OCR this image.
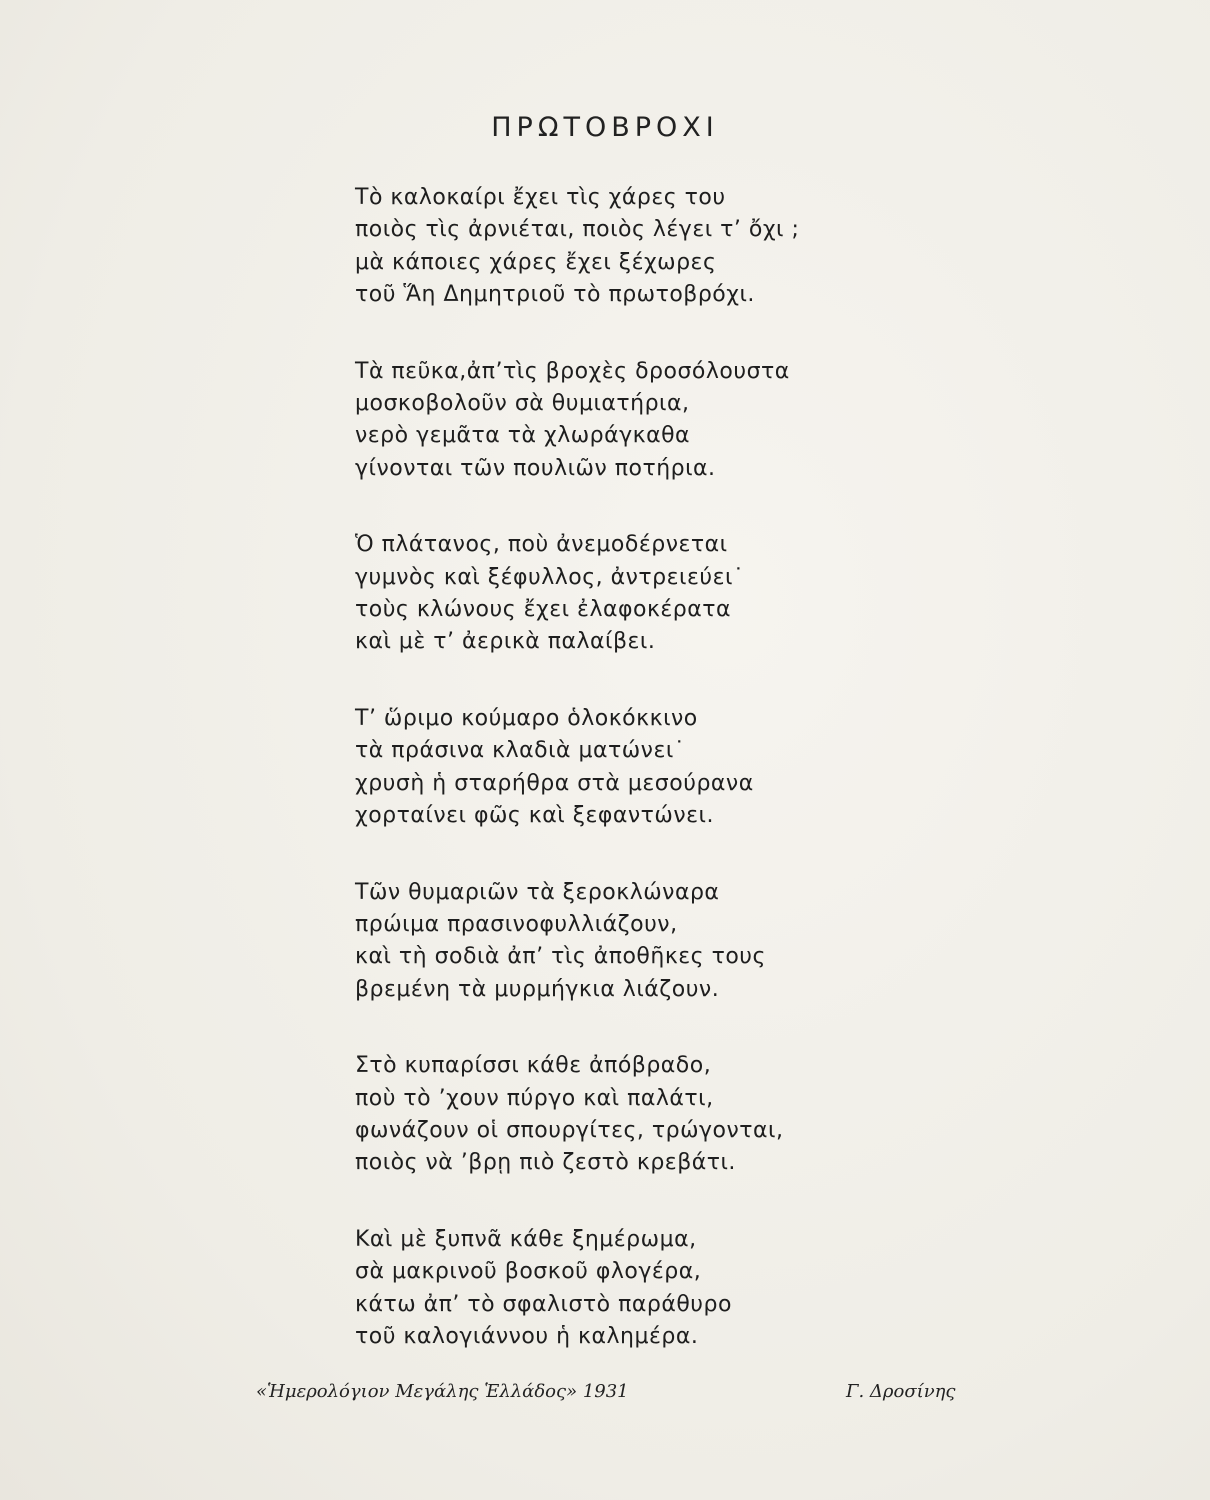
ΠΡΩΤΟΒΡΟΧΙ
Τὸ καλοκαίρι ἔχει τὶς χάρες του
ποιὸς τὶς ἀρνιέται, ποιὸς λέγει τ’ ὄχι ;
μὰ κάποιες χάρες ἔχει ξέχωρες
τοῦ Ἅη Δημητριοῦ τὸ πρωτοβρόχι.
Τὰ πεῦκα,ἀπ’τὶς βροχὲς δροσόλουστα
μοσκοβολοῦν σὰ θυμιατήρια,
νερὸ γεμᾶτα τὰ χλωράγκαθα
γίνονται τῶν πουλιῶν ποτήρια.
Ὁ πλάτανος, ποὺ ἀνεμοδέρνεται
γυμνὸς καὶ ξέφυλλος, ἀντρειεύει˙
τοὺς κλώνους ἔχει ἐλαφοκέρατα
καὶ μὲ τ’ ἀερικὰ παλαίβει.
Τ’ ὥριμο κούμαρο ὁλοκόκκινο
τὰ πράσινα κλαδιὰ ματώνει˙
χρυσὴ ἡ σταρήθρα στὰ μεσούρανα
χορταίνει φῶς καὶ ξεφαντώνει.
Τῶν θυμαριῶν τὰ ξεροκλώναρα
πρώιμα πρασινοφυλλιάζουν,
καὶ τὴ σοδιὰ ἀπ’ τὶς ἀποθῆκες τους
βρεμένη τὰ μυρμήγκια λιάζουν.
Στὸ κυπαρίσσι κάθε ἀπόβραδο,
ποὺ τὸ ’χουν πύργο καὶ παλάτι,
φωνάζουν οἱ σπουργίτες, τρώγονται,
ποιὸς νὰ ’βρῃ πιὸ ζεστὸ κρεβάτι.
Καὶ μὲ ξυπνᾶ κάθε ξημέρωμα,
σὰ μακρινοῦ βοσκοῦ φλογέρα,
κάτω ἀπ’ τὸ σφαλιστὸ παράθυρο
τοῦ καλογιάννου ἡ καλημέρα.
«Ἡμερολόγιον Μεγάλης Ἑλλάδος» 1931	Γ. Δροσίνης
